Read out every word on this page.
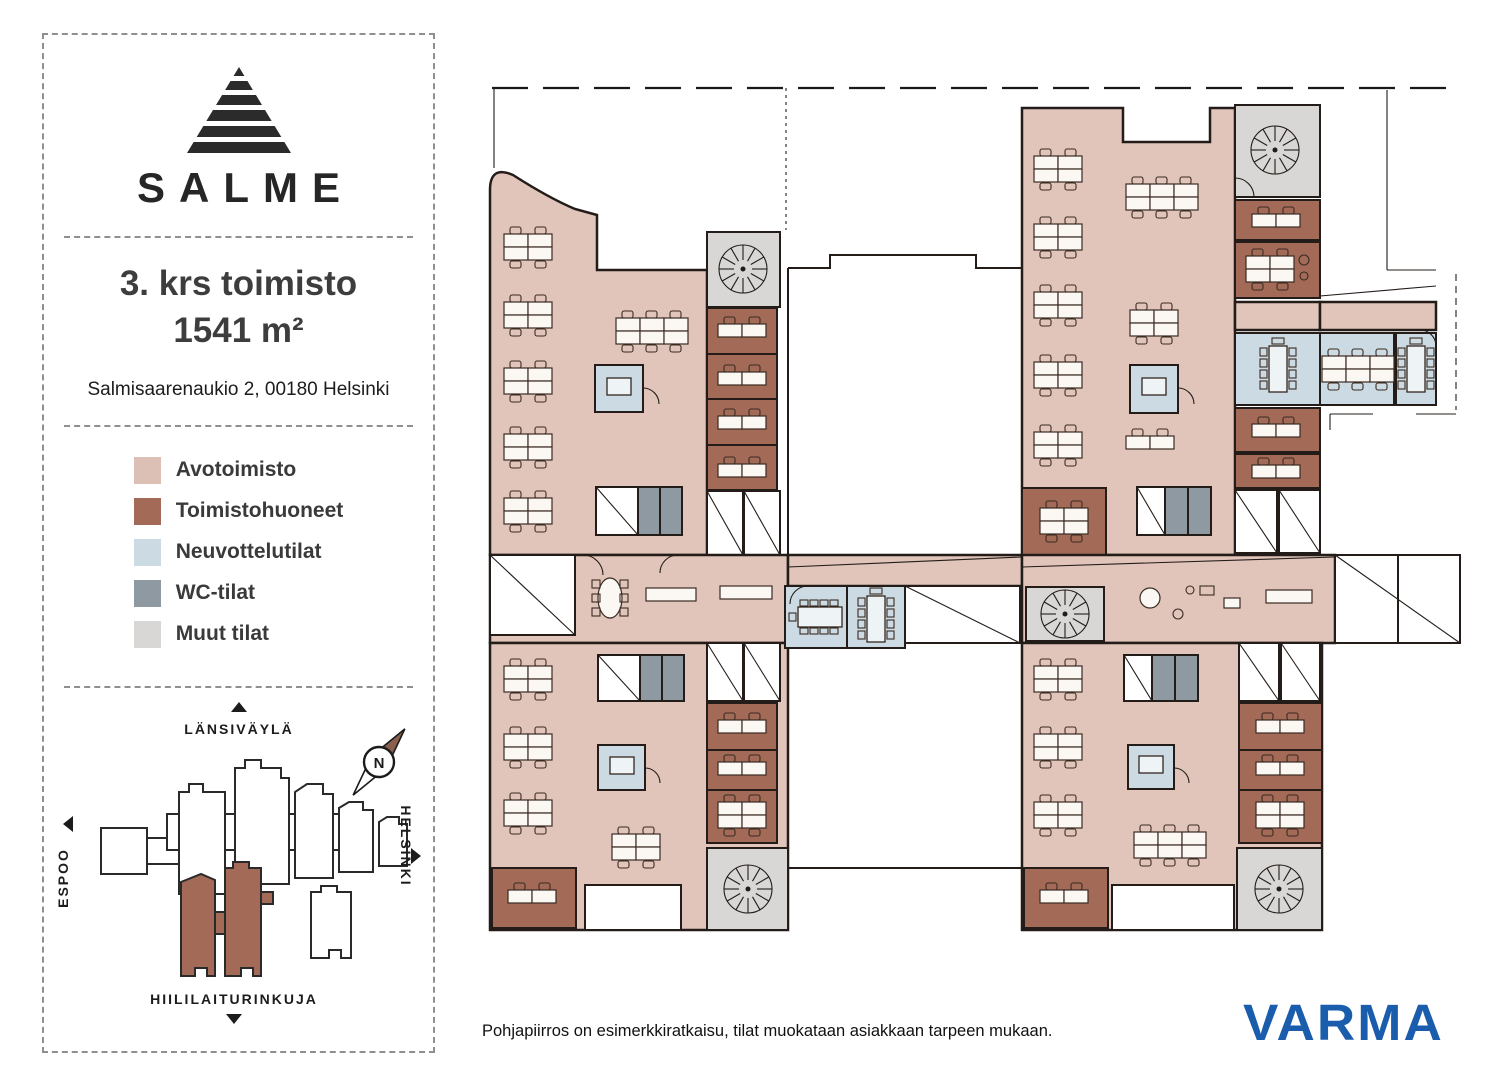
SALME
3. krs toimisto
1541 m²
Salmisaarenaukio 2, 00180 Helsinki
Avotoimisto
Toimistohuoneet
Neuvottelutilat
WC-tilat
Muut tilat
LÄNSIVÄYLÄ
N
ESPOO	HELSINKI
HIILILAITURINKUJA
Pohjapiirros on esimerkkiratkaisu, tilat muokataan asiakkaan tarpeen mukaan.	VARMA
